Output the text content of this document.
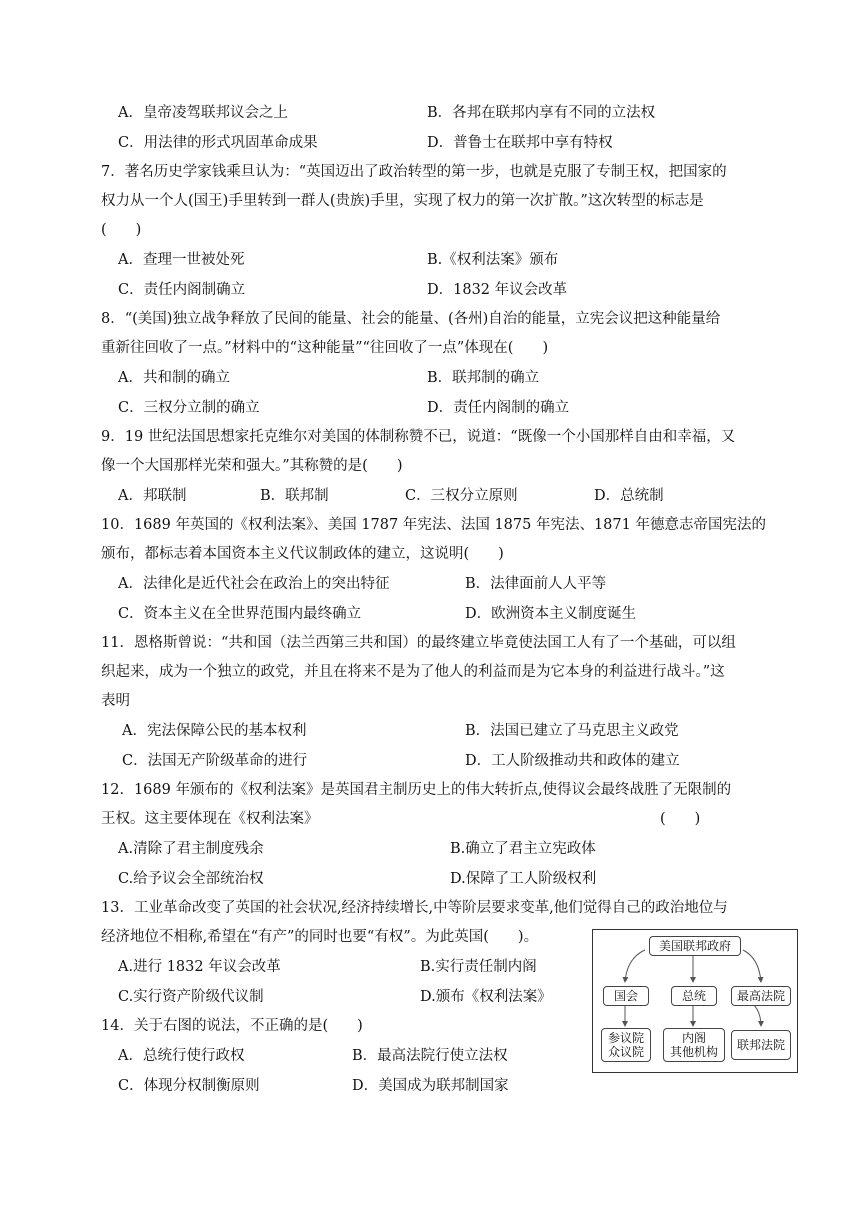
A．皇帝凌驾联邦议会之上	B．各邦在联邦内享有不同的立法权
C．用法律的形式巩固革命成果	D．普鲁士在联邦中享有特权
7．著名历史学家钱乘旦认为：“英国迈出了政治转型的第一步，也就是克服了专制王权，把国家的
权力从一个人(国王)手里转到一群人(贵族)手里，实现了权力的第一次扩散。”这次转型的标志是
(　　)
A．查理一世被处死	B.《权利法案》颁布
C．责任内阁制确立	D．1832 年议会改革
8．“(美国)独立战争释放了民间的能量、社会的能量、(各州)自治的能量，立宪会议把这种能量给
重新往回收了一点。”材料中的“这种能量”“往回收了一点”体现在(　　)
A．共和制的确立	B．联邦制的确立
C．三权分立制的确立	D．责任内阁制的确立
9．19 世纪法国思想家托克维尔对美国的体制称赞不已，说道：“既像一个小国那样自由和幸福，又
像一个大国那样光荣和强大。”其称赞的是(　　)
A．邦联制	B．联邦制	C．三权分立原则	D．总统制
10．1689 年英国的《权利法案》、美国 1787 年宪法、法国 1875 年宪法、1871 年德意志帝国宪法的
颁布，都标志着本国资本主义代议制政体的建立，这说明(　　)
A．法律化是近代社会在政治上的突出特征	B．法律面前人人平等
C．资本主义在全世界范围内最终确立	D．欧洲资本主义制度诞生
11．恩格斯曾说：“共和国（法兰西第三共和国）的最终建立毕竟使法国工人有了一个基础，可以组
织起来，成为一个独立的政党，并且在将来不是为了他人的利益而是为它本身的利益进行战斗。”这
表明
A．宪法保障公民的基本权利	B．法国已建立了马克思主义政党
C．法国无产阶级革命的进行	D．工人阶级推动共和政体的建立
12．1689 年颁布的《权利法案》是英国君主制历史上的伟大转折点,使得议会最终战胜了无限制的
王权。这主要体现在《权利法案》	(　　)
A.清除了君主制度残余	B.确立了君主立宪政体
C.给予议会全部统治权	D.保障了工人阶级权利
13．工业革命改变了英国的社会状况,经济持续增长,中等阶层要求变革,他们觉得自己的政治地位与
经济地位不相称,希望在“有产”的同时也要“有权”。为此英国(　　)。
A.进行 1832 年议会改革	B.实行责任制内阁
C.实行资产阶级代议制	D.颁布《权利法案》
14．关于右图的说法，不正确的是(　　)
A．总统行使行政权	B．最高法院行使立法权
C．体现分权制衡原则	D．美国成为联邦制国家
美国联邦政府
国会	总统	最高法院
参议院
众议院
内阁
其他机构	联邦法院
